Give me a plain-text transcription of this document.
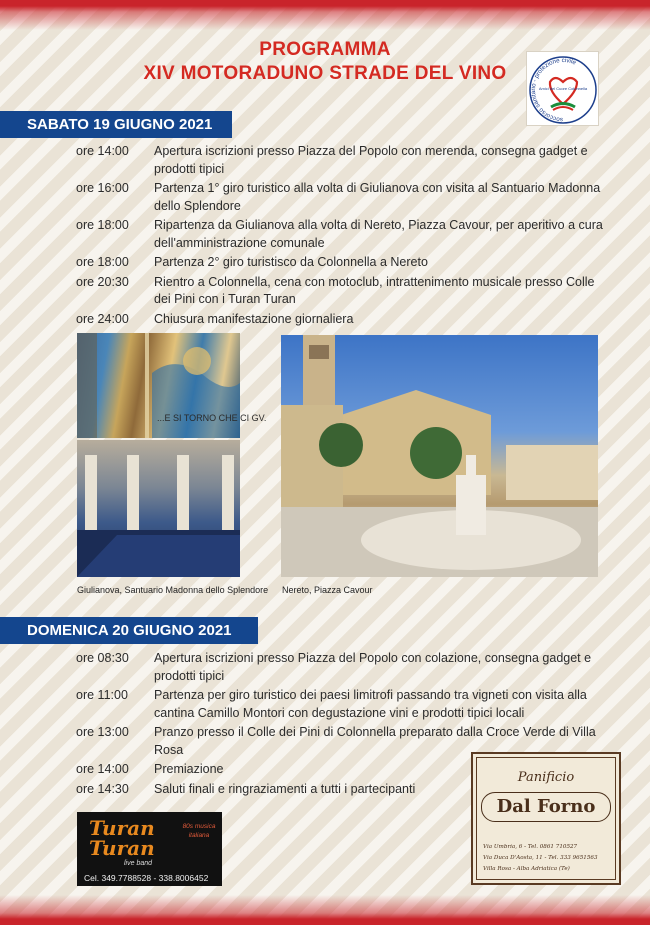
PROGRAMMA
XIV MOTORADUNO STRADE DEL VINO
soccorso sanitario - protezione civile
Amici del Cuore Colonnella
SABATO 19 GIUGNO 2021
ore 14:00	Apertura iscrizioni presso Piazza del Popolo con merenda, consegna gadget e prodotti tipici
ore 16:00	Partenza 1° giro turistico alla volta di Giulianova con visita al Santuario Madonna dello Splendore
ore 18:00	Ripartenza da Giulianova alla volta di Nereto, Piazza Cavour, per aperitivo a cura dell'amministrazione comunale
ore 18:00	Partenza 2° giro turistisco da Colonnella a Nereto
ore 20:30	Rientro a Colonnella, cena con motoclub, intrattenimento musicale presso Colle dei Pini con i Turan Turan
ore 24:00	Chiusura manifestazione giornaliera
...E SI TORNO CHE CI GV.
Giulianova, Santuario Madonna dello Splendore Nereto, Piazza Cavour
DOMENICA 20 GIUGNO 2021
ore 08:30	Apertura iscrizioni presso Piazza del Popolo con colazione, consegna gadget e prodotti tipici
ore 11:00	Partenza per giro turistico dei paesi limitrofi passando tra vigneti con visita alla cantina Camillo Montori con degustazione vini e prodotti tipici locali
ore 13:00	Pranzo presso il Colle dei Pini di Colonnella preparato dalla Croce Verde di Villa Rosa
ore 14:00	Premiazione
ore 14:30	Saluti finali e ringraziamenti a tutti i partecipanti
Turan
Turan
live band
80s musica italiana
Cel. 349.7788528 - 338.8006452
Panificio
Dal Forno
Via Umbria, 6 - Tel. 0861 710527
Via Duca D'Aosta, 11 - Tel. 333 9651563
Villa Rosa - Alba Adriatica (Te)
